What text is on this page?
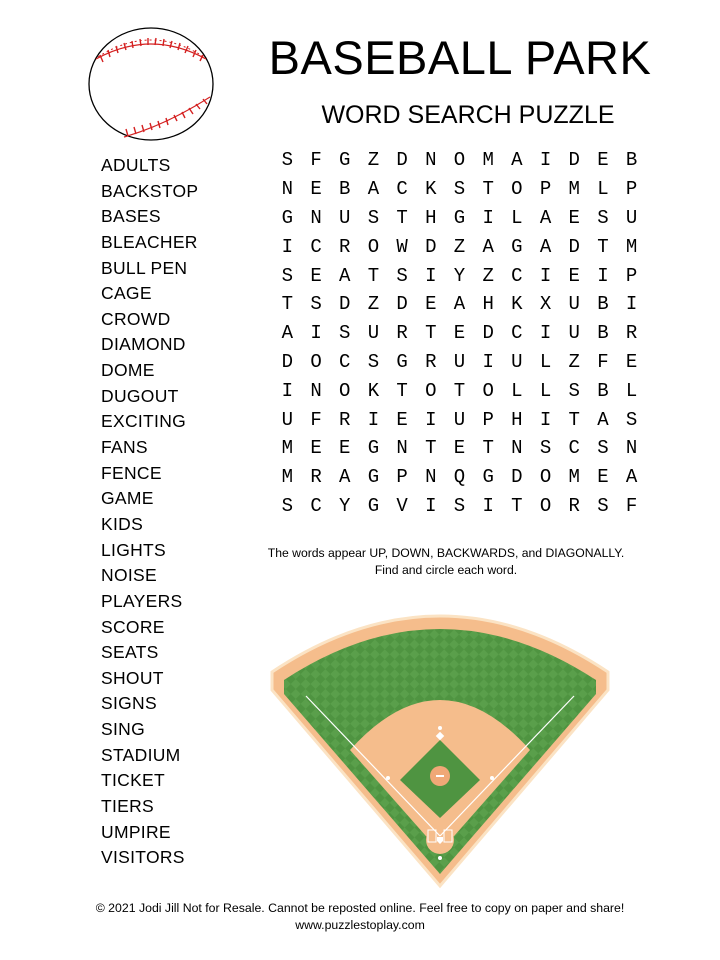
BASEBALL PARK
WORD SEARCH PUZZLE
ADULTS
BACKSTOP
BASES
BLEACHER
BULL PEN
CAGE
CROWD
DIAMOND
DOME
DUGOUT
EXCITING
FANS
FENCE
GAME
KIDS
LIGHTS
NOISE
PLAYERS
SCORE
SEATS
SHOUT
SIGNS
SING
STADIUM
TICKET
TIERS
UMPIRE
VISITORS
S	F	G	Z	D	N	O	M	A	I	D	E	B
N	E	B	A	C	K	S	T	O	P	M	L	P
G	N	U	S	T	H	G	I	L	A	E	S	U
I	C	R	O	W	D	Z	A	G	A	D	T	M
S	E	A	T	S	I	Y	Z	C	I	E	I	P
T	S	D	Z	D	E	A	H	K	X	U	B	I
A	I	S	U	R	T	E	D	C	I	U	B	R
D	O	C	S	G	R	U	I	U	L	Z	F	E
I	N	O	K	T	O	T	O	L	L	S	B	L
U	F	R	I	E	I	U	P	H	I	T	A	S
M	E	E	G	N	T	E	T	N	S	C	S	N
M	R	A	G	P	N	Q	G	D	O	M	E	A
S	C	Y	G	V	I	S	I	T	O	R	S	F
The words appear UP, DOWN, BACKWARDS, and DIAGONALLY.
Find and circle each word.
© 2021 Jodi Jill Not for Resale. Cannot be reposted online. Feel free to copy on paper and share!
www.puzzlestoplay.com
